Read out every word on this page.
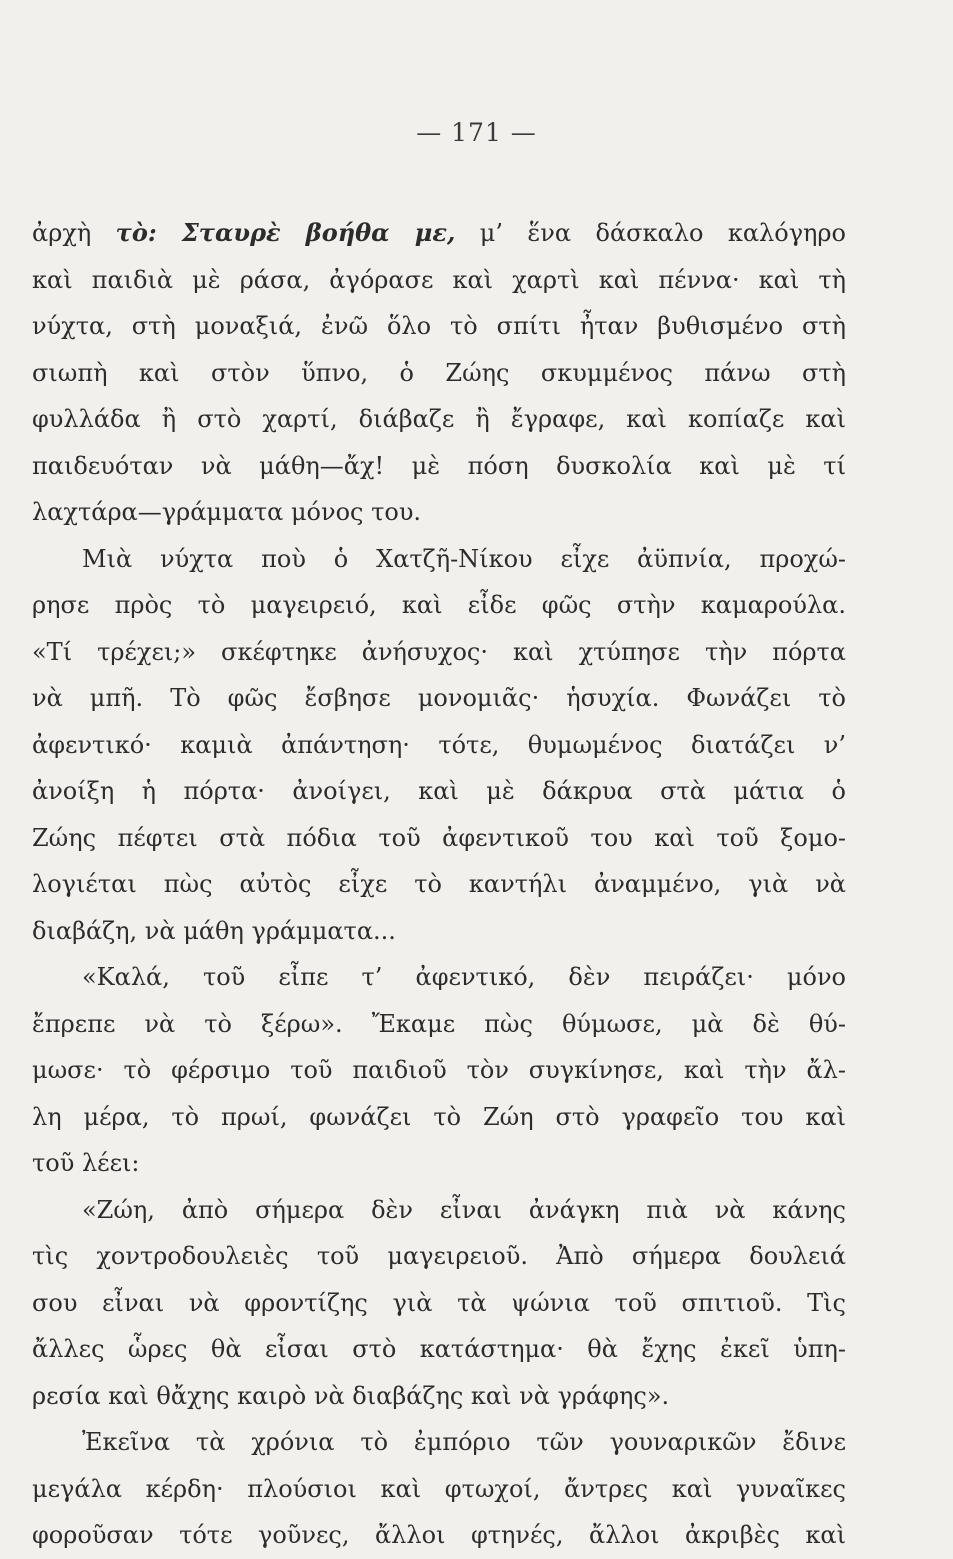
— 171 —
ἀρχὴ τὸ: Σταυρὲ βοήθα με, μ’ ἕνα δάσκαλο καλόγηρο
καὶ παιδιὰ μὲ ράσα, ἀγόρασε καὶ χαρτὶ καὶ πέννα· καὶ τὴ
νύχτα, στὴ μοναξιά, ἐνῶ ὅλο τὸ σπίτι ἦταν βυθισμένο στὴ
σιωπὴ καὶ στὸν ὕπνο, ὁ Ζώης σκυμμένος πάνω στὴ
φυλλάδα ἢ στὸ χαρτί, διάβαζε ἢ ἔγραφε, καὶ κοπίαζε καὶ
παιδευόταν νὰ μάθη—ἄχ! μὲ πόση δυσκολία καὶ μὲ τί
λαχτάρα—γράμματα μόνος του.
Μιὰ νύχτα ποὺ ὁ Χατζῆ-Νίκου εἶχε ἀϋπνία, προχώ-
ρησε πρὸς τὸ μαγειρειό, καὶ εἶδε φῶς στὴν καμαρούλα.
«Τί τρέχει;» σκέφτηκε ἀνήσυχος· καὶ χτύπησε τὴν πόρτα
νὰ μπῆ. Τὸ φῶς ἔσβησε μονομιᾶς· ἡσυχία. Φωνάζει τὸ
ἀφεντικό· καμιὰ ἀπάντηση· τότε, θυμωμένος διατάζει ν’
ἀνοίξη ἡ πόρτα· ἀνοίγει, καὶ μὲ δάκρυα στὰ μάτια ὁ
Ζώης πέφτει στὰ πόδια τοῦ ἀφεντικοῦ του καὶ τοῦ ξομο-
λογιέται πὼς αὐτὸς εἶχε τὸ καντήλι ἀναμμένο, γιὰ νὰ
διαβάζη, νὰ μάθη γράμματα...
«Καλά, τοῦ εἶπε τ’ ἀφεντικό, δὲν πειράζει· μόνο
ἔπρεπε νὰ τὸ ξέρω». Ἔκαμε πὼς θύμωσε, μὰ δὲ θύ-
μωσε· τὸ φέρσιμο τοῦ παιδιοῦ τὸν συγκίνησε, καὶ τὴν ἄλ-
λη μέρα, τὸ πρωί, φωνάζει τὸ Ζώη στὸ γραφεῖο του καὶ
τοῦ λέει:
«Ζώη, ἀπὸ σήμερα δὲν εἶναι ἀνάγκη πιὰ νὰ κάνης
τὶς χοντροδουλειὲς τοῦ μαγειρειοῦ. Ἀπὸ σήμερα δουλειά
σου εἶναι νὰ φροντίζης γιὰ τὰ ψώνια τοῦ σπιτιοῦ. Τὶς
ἄλλες ὧρες θὰ εἶσαι στὸ κατάστημα· θὰ ἔχης ἐκεῖ ὑπη-
ρεσία καὶ θἄχης καιρὸ νὰ διαβάζης καὶ νὰ γράφης».
Ἐκεῖνα τὰ χρόνια τὸ ἐμπόριο τῶν γουναρικῶν ἔδινε
μεγάλα κέρδη· πλούσιοι καὶ φτωχοί, ἄντρες καὶ γυναῖκες
φοροῦσαν τότε γοῦνες, ἄλλοι φτηνές, ἄλλοι ἀκριβὲς καὶ
